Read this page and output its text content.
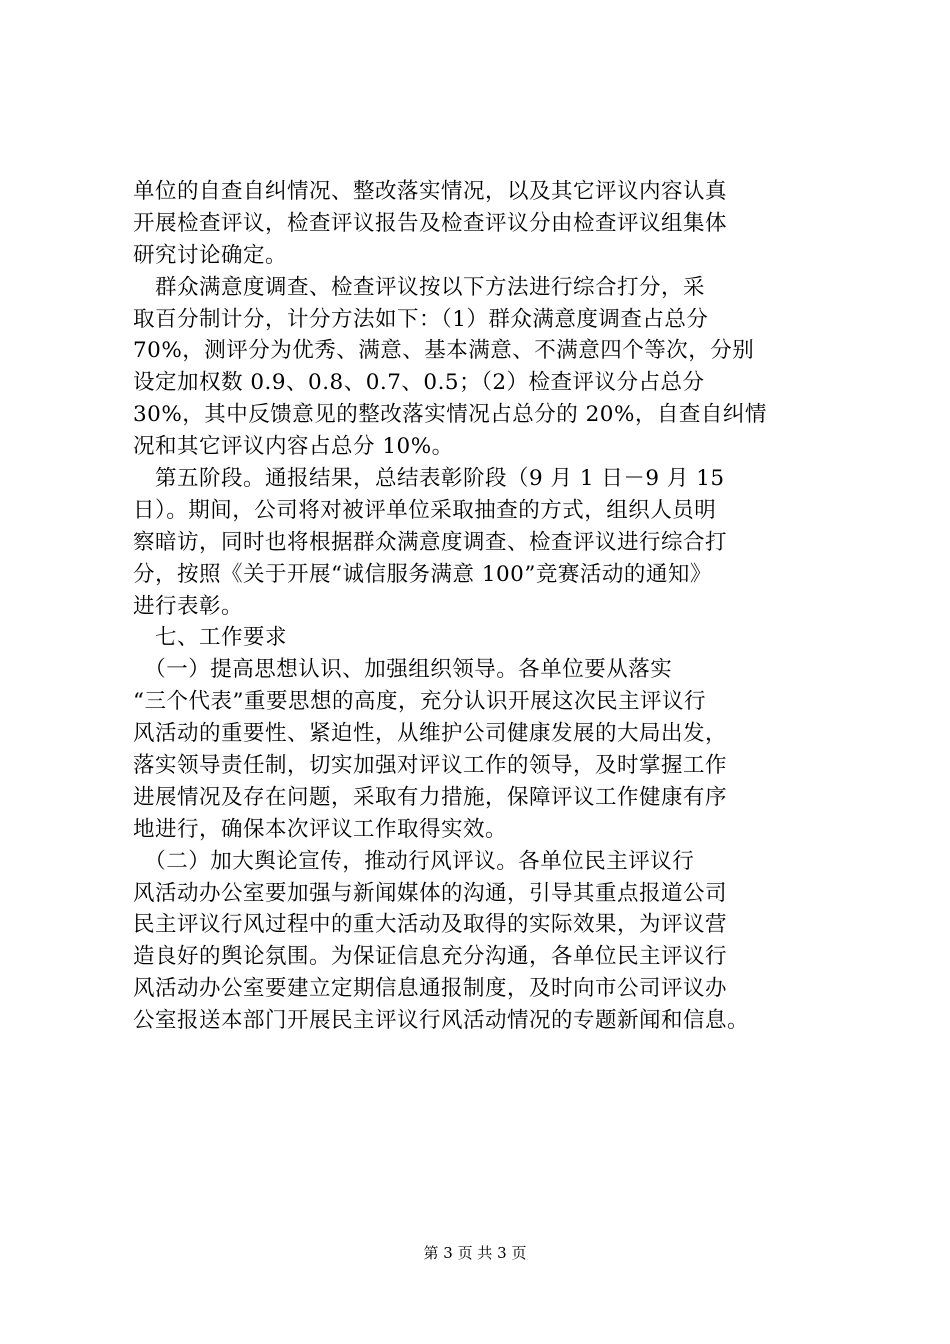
单位的自查自纠情况、整改落实情况，以及其它评议内容认真
开展检查评议，检查评议报告及检查评议分由检查评议组集体
研究讨论确定。
　群众满意度调查、检查评议按以下方法进行综合打分，采
取百分制计分，计分方法如下：（1）群众满意度调查占总分
70%，测评分为优秀、满意、基本满意、不满意四个等次，分别
设定加权数 0.9、0.8、0.7、0.5；（2）检查评议分占总分
30%，其中反馈意见的整改落实情况占总分的 20%，自查自纠情
况和其它评议内容占总分 10%。
　第五阶段。通报结果，总结表彰阶段（9 月 1 日－9 月 15
日）。期间，公司将对被评单位采取抽查的方式，组织人员明
察暗访，同时也将根据群众满意度调查、检查评议进行综合打
分，按照《关于开展“诚信服务满意 100”竞赛活动的通知》
进行表彰。
　七、工作要求
　（一）提高思想认识、加强组织领导。各单位要从落实
“三个代表”重要思想的高度，充分认识开展这次民主评议行
风活动的重要性、紧迫性，从维护公司健康发展的大局出发，
落实领导责任制，切实加强对评议工作的领导，及时掌握工作
进展情况及存在问题，采取有力措施，保障评议工作健康有序
地进行，确保本次评议工作取得实效。
　（二）加大舆论宣传，推动行风评议。各单位民主评议行
风活动办公室要加强与新闻媒体的沟通，引导其重点报道公司
民主评议行风过程中的重大活动及取得的实际效果，为评议营
造良好的舆论氛围。为保证信息充分沟通，各单位民主评议行
风活动办公室要建立定期信息通报制度，及时向市公司评议办
公室报送本部门开展民主评议行风活动情况的专题新闻和信息。
第 3 页 共 3 页
